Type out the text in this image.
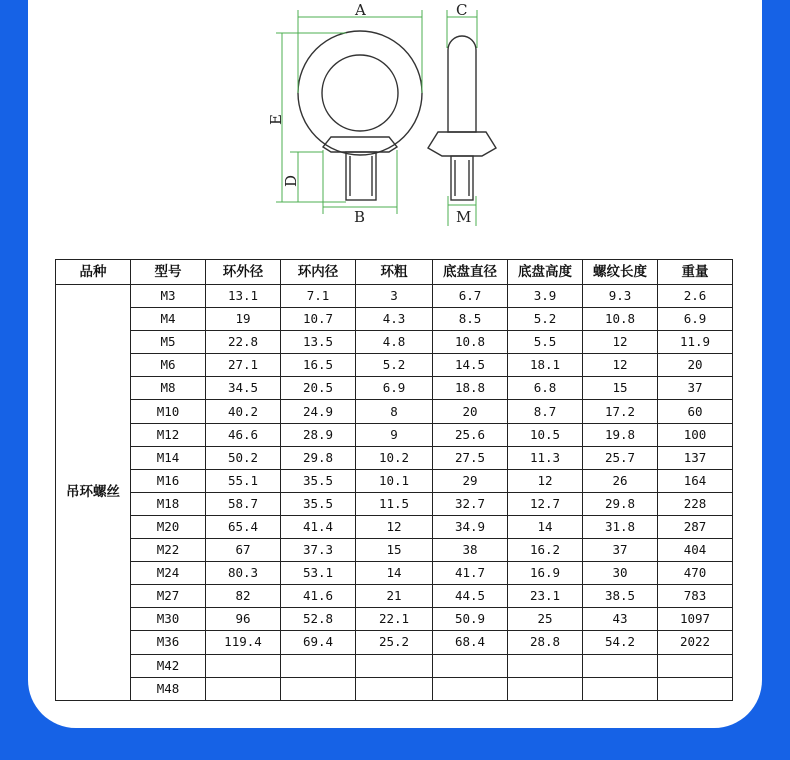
A	C
E
D
B	M
品种	型号	环外径	环内径	环粗	底盘直径	底盘高度	螺纹长度	重量
吊环螺丝	M3	13.1	7.1	3	6.7	3.9	9.3	2.6
	M4	19	10.7	4.3	8.5	5.2	10.8	6.9
	M5	22.8	13.5	4.8	10.8	5.5	12	11.9
	M6	27.1	16.5	5.2	14.5	18.1	12	20
	M8	34.5	20.5	6.9	18.8	6.8	15	37
	M10	40.2	24.9	8	20	8.7	17.2	60
	M12	46.6	28.9	9	25.6	10.5	19.8	100
	M14	50.2	29.8	10.2	27.5	11.3	25.7	137
	M16	55.1	35.5	10.1	29	12	26	164
	M18	58.7	35.5	11.5	32.7	12.7	29.8	228
	M20	65.4	41.4	12	34.9	14	31.8	287
	M22	67	37.3	15	38	16.2	37	404
	M24	80.3	53.1	14	41.7	16.9	30	470
	M27	82	41.6	21	44.5	23.1	38.5	783
	M30	96	52.8	22.1	50.9	25	43	1097
	M36	119.4	69.4	25.2	68.4	28.8	54.2	2022
	M42							
	M48							
